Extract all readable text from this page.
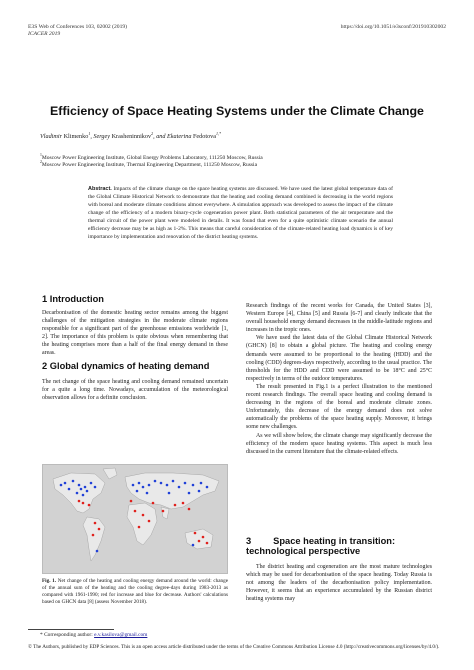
E3S Web of Conferences 103, 02002 (2019)
ICACER 2019
https://doi.org/10.1051/e3sconf/201910302002
Efficiency of Space Heating Systems under the Climate Change
Vladimir Klimenko$^1$, Sergey Krasheninnikov$^2$, and Ekaterina Fedotova$^{1,*}$
$^1$Moscow Power Engineering Institute, Global Energy Problems Laboratory, 111250 Moscow, Russia
$^2$Moscow Power Engineering Institute, Thermal Engineering Department, 111250 Moscow, Russia
Abstract. Impacts of the climate change on the space heating systems are discussed. We have used the latest global temperature data of the Global Climate Historical Network to demonstrate that the heating and cooling demand combined is decreasing in the world regions with boreal and moderate climate conditions almost everywhere. A simulation approach was developed to assess the impact of the climate change of the efficiency of a modern binary-cycle cogeneration power plant. Both statistical parameters of the air temperature and the thermal circuit of the power plant were modeled in details. It was found that even for a quite optimistic climate scenario the annual efficiency decrease may be as high as 1-2%. This means that careful consideration of the climate-related heating load dynamics is of key importance by implementation and renovation of the district heating systems.
1 Introduction

Decarbonisation of the domestic heating sector remains among the biggest challenges of the mitigation strategies in the moderate climate regions responsible for a significant part of the greenhouse emissions worldwide [1, 2]. The importance of this problem is quite obvious when remembering that the heating comprises more than a half of the final energy demand in these areas.

2 Global dynamics of heating demand

The net change of the space heating and cooling demand remained uncertain for a quite a long time. Nowadays, accumulation of the meteorological observation allows for a definite conclusion.

Fig. 1. Net change of the heating and cooling energy demand around the world: change of the annual sum of the heating and the cooling degree-days during 1983-2013 as compared with 1961-1990; red for increase and blue for decrease. Authors' calculations based on GHCN data [8] (assess November 2018).

Research findings of the recent works for Canada, the United States [3], Western Europe [4], China [5] and Russia [6-7] and clearly indicate that the overall household energy demand decreases in the middle-latitude regions and increases in the tropic ones.

We have used the latest data of the Global Climate Historical Network (GHCN) [8] to obtain a global picture. The heating and cooling energy demands were assumed to be proportional to the heating (HDD) and the cooling (CDD) degrees-days respectively, according to the usual practice. The thresholds for the HDD and CDD were assumed to be 18°C and 25°C respectively in terms of the outdoor temperatures.

The result presented in Fig.1 is a perfect illustration to the mentioned recent research findings. The overall space heating and cooling demand is decreasing in the regions of the boreal and moderate climate zones. Unfortunately, this decrease of the energy demand does not solve automatically the problems of the space heating supply. Moreover, it brings some new challenges.

As we will show below, the climate change may significantly decrease the efficiency of the modern space heating systems. This aspect is much less discussed in the current literature that the climate-related effects.

3	Space heating in transition:
technological perspective

The district heating and cogeneration are the most mature technologies which may be used for decarbonisation of the space heating. Today Russia is not among the leaders of the decarbonisation policy implementation. However, it seems that an experience accumulated by the Russian district heating systems may

* Corresponding author: e.v.kasilova@gmail.com
© The Authors, published by EDP Sciences. This is an open access article distributed under the terms of the Creative Commons Attribution License 4.0 (http://creativecommons.org/licenses/by/4.0/).
